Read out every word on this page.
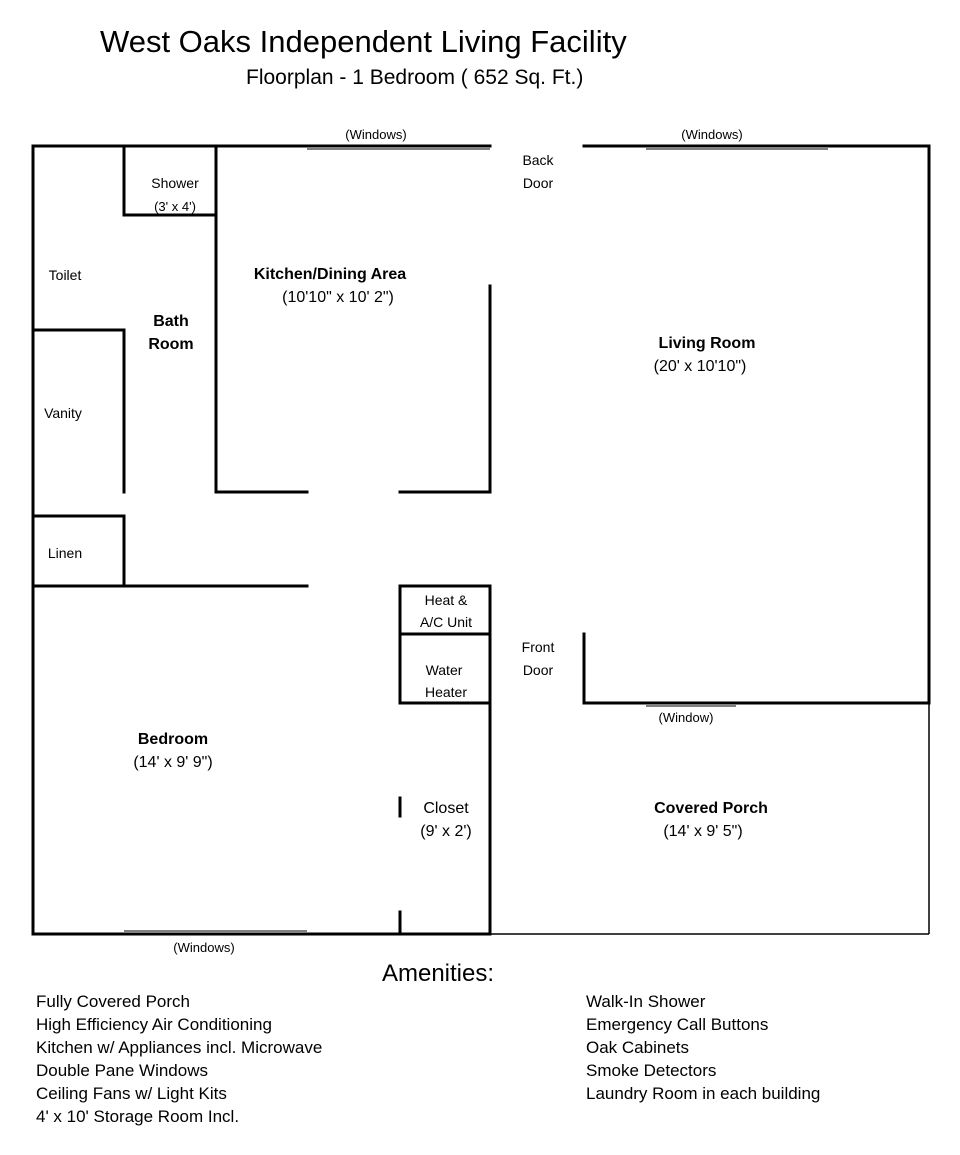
West Oaks Independent Living Facility
Floorplan - 1 Bedroom ( 652 Sq. Ft.)
(Windows)	(Windows)
Back
Door
Shower
(3' x 4')
Toilet
Vanity
Linen
Bath
Room
Kitchen/Dining Area
(10'10" x 10' 2")
Living Room
(20' x 10'10")
Heat &
A/C Unit
Water
Heater
Front
Door
(Window)
Bedroom
(14' x 9' 9")
Closet
(9' x 2')
Covered Porch
(14' x 9' 5")
(Windows)
Amenities:
Fully Covered Porch
High Efficiency Air Conditioning
Kitchen w/ Appliances incl. Microwave
Double Pane Windows
Ceiling Fans w/ Light Kits
4' x 10' Storage Room Incl.
Walk-In Shower
Emergency Call Buttons
Oak Cabinets
Smoke Detectors
Laundry Room in each building
